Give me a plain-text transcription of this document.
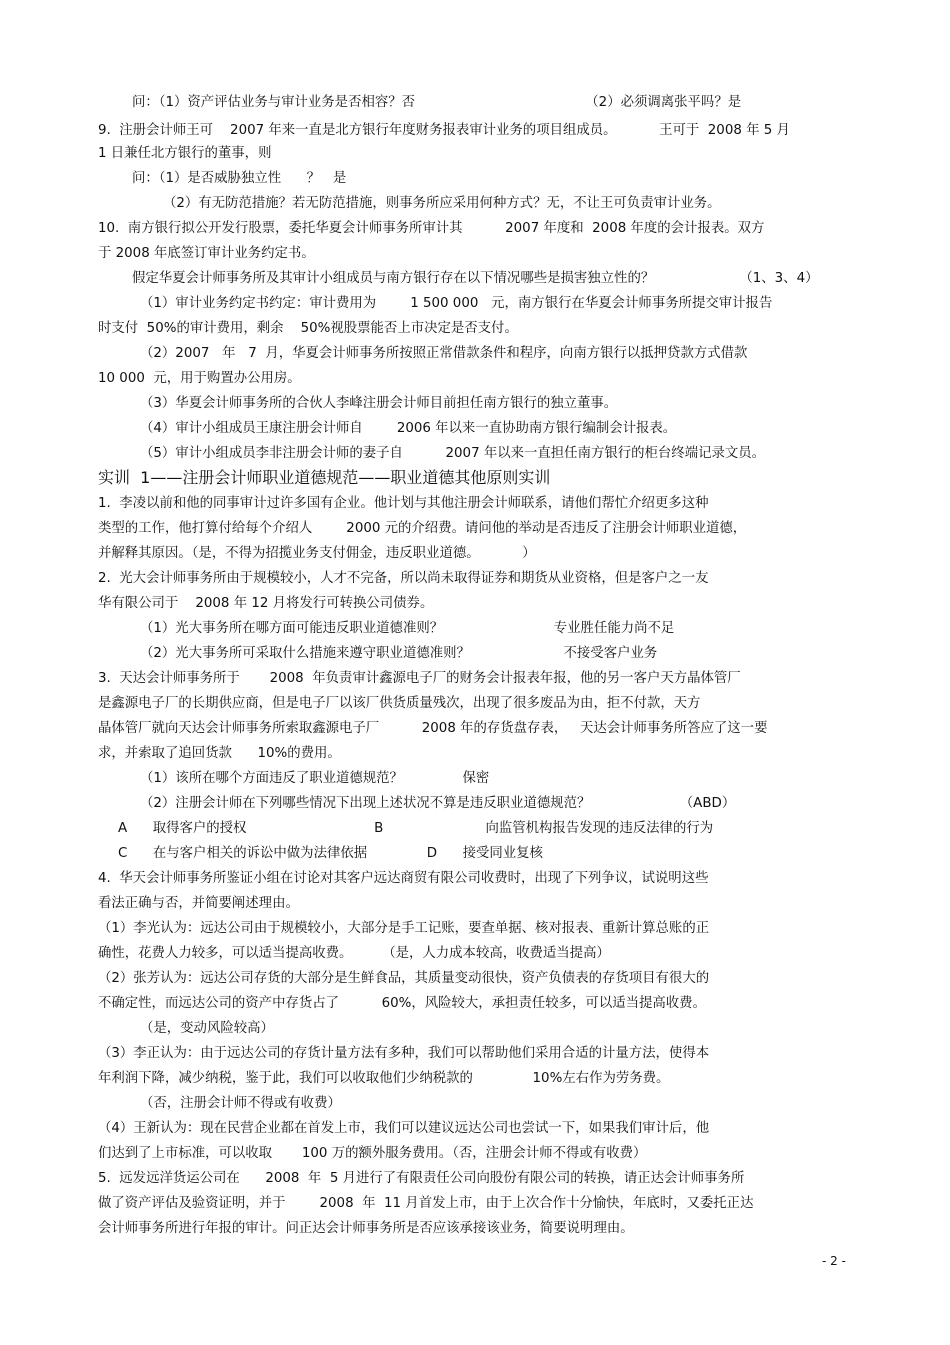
问：（1）资产评估业务与审计业务是否相容？否                                        （2）必须调离张平吗？是
9.  注册会计师王可    2007 年来一直是北方银行年度财务报表审计业务的项目组成员。          王可于  2008 年 5 月
1 日兼任北方银行的董事，则
问：（1）是否威胁独立性      ？   是
（2）有无防范措施？若无防范措施，则事务所应采用何种方式？无，不让王可负责审计业务。
10.  南方银行拟公开发行股票，委托华夏会计师事务所审计其          2007 年度和  2008 年度的会计报表。双方
于 2008 年底签订审计业务约定书。
假定华夏会计师事务所及其审计小组成员与南方银行存在以下情况哪些是损害独立性的？                    （1、3、4）
（1）审计业务约定书约定：审计费用为        1 500 000   元，南方银行在华夏会计师事务所提交审计报告
时支付  50%的审计费用，剩余    50%视股票能否上市决定是否支付。
（2）2007   年   7  月，华夏会计师事务所按照正常借款条件和程序，向南方银行以抵押贷款方式借款
10 000  元，用于购置办公用房。
（3）华夏会计师事务所的合伙人李峰注册会计师目前担任南方银行的独立董事。
（4）审计小组成员王康注册会计师自        2006 年以来一直协助南方银行编制会计报表。
（5）审计小组成员李非注册会计师的妻子自          2007 年以来一直担任南方银行的柜台终端记录文员。
实训  1——注册会计师职业道德规范——职业道德其他原则实训
1.  李凌以前和他的同事审计过许多国有企业。他计划与其他注册会计师联系，请他们帮忙介绍更多这种
类型的工作，他打算付给每个介绍人        2000 元的介绍费。请问他的举动是否违反了注册会计师职业道德，
并解释其原因。（是，不得为招揽业务支付佣金，违反职业道德。          ）
2.  光大会计师事务所由于规模较小，人才不完备，所以尚未取得证券和期货从业资格，但是客户之一友
华有限公司于    2008 年 12 月将发行可转换公司债券。
（1）光大事务所在哪方面可能违反职业道德准则？                          专业胜任能力尚不足
（2）光大事务所可采取什么措施来遵守职业道德准则？                      不接受客户业务
3.  天达会计师事务所于       2008  年负责审计鑫源电子厂的财务会计报表年报，他的另一客户天方晶体管厂
是鑫源电子厂的长期供应商，但是电子厂以该厂供货质量残次，出现了很多废品为由，拒不付款，天方
晶体管厂就向天达会计师事务所索取鑫源电子厂          2008 年的存货盘存表，   天达会计师事务所答应了这一要
求，并索取了追回货款      10%的费用。
（1）该所在哪个方面违反了职业道德规范？              保密
（2）注册会计师在下列哪些情况下出现上述状况不算是违反职业道德规范？                     （ABD）
A      取得客户的授权                              B                        向监管机构报告发现的违反法律的行为
C      在与客户相关的诉讼中做为法律依据              D      接受同业复核
4.  华天会计师事务所鉴证小组在讨论对其客户远达商贸有限公司收费时，出现了下列争议，试说明这些
看法正确与否，并简要阐述理由。
（1）李光认为：远达公司由于规模较小，大部分是手工记账，要查单据、核对报表、重新计算总账的正
确性，花费人力较多，可以适当提高收费。       （是，人力成本较高，收费适当提高）
（2）张芳认为：远达公司存货的大部分是生鲜食品，其质量变动很快，资产负债表的存货项目有很大的
不确定性，而远达公司的资产中存货占了          60%，风险较大，承担责任较多，可以适当提高收费。
（是，变动风险较高）
（3）李正认为：由于远达公司的存货计量方法有多种，我们可以帮助他们采用合适的计量方法，使得本
年利润下降，减少纳税，鉴于此，我们可以收取他们少纳税款的              10%左右作为劳务费。
（否，注册会计师不得或有收费）
（4）王新认为：现在民营企业都在首发上市，我们可以建议远达公司也尝试一下，如果我们审计后，他
们达到了上市标准，可以收取       100 万的额外服务费用。（否，注册会计师不得或有收费）
5.  远发远洋货运公司在      2008  年  5 月进行了有限责任公司向股份有限公司的转换，请正达会计师事务所
做了资产评估及验资证明，并于        2008  年  11 月首发上市，由于上次合作十分愉快，年底时，又委托正达
会计师事务所进行年报的审计。问正达会计师事务所是否应该承接该业务，简要说明理由。
- 2 -
